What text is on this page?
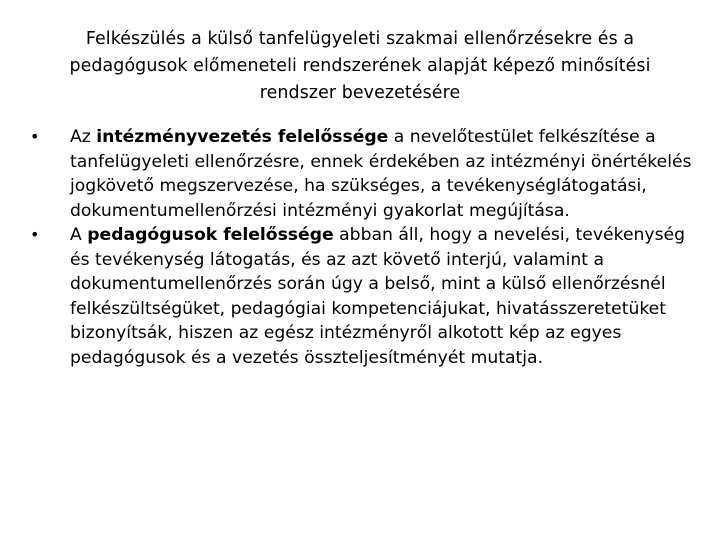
Felkészülés a külső tanfelügyeleti szakmai ellenőrzésekre és a pedagógusok előmeneteli rendszerének alapját képező minősítési rendszer bevezetésére
• Az intézményvezetés felelőssége a nevelőtestület felkészítése a tanfelügyeleti ellenőrzésre, ennek érdekében az intézményi önértékelés jogkövető megszervezése, ha szükséges, a tevékenységlátogatási, dokumentumellenőrzési intézményi gyakorlat megújítása.
• A pedagógusok felelőssége abban áll, hogy a nevelési, tevékenység és tevékenység látogatás, és az azt követő interjú, valamint a dokumentumellenőrzés során úgy a belső, mint a külső ellenőrzésnél felkészültségüket, pedagógiai kompetenciájukat, hivatásszeretetüket bizonyítsák, hiszen az egész intézményről alkotott kép az egyes pedagógusok és a vezetés összteljesítményét mutatja.
